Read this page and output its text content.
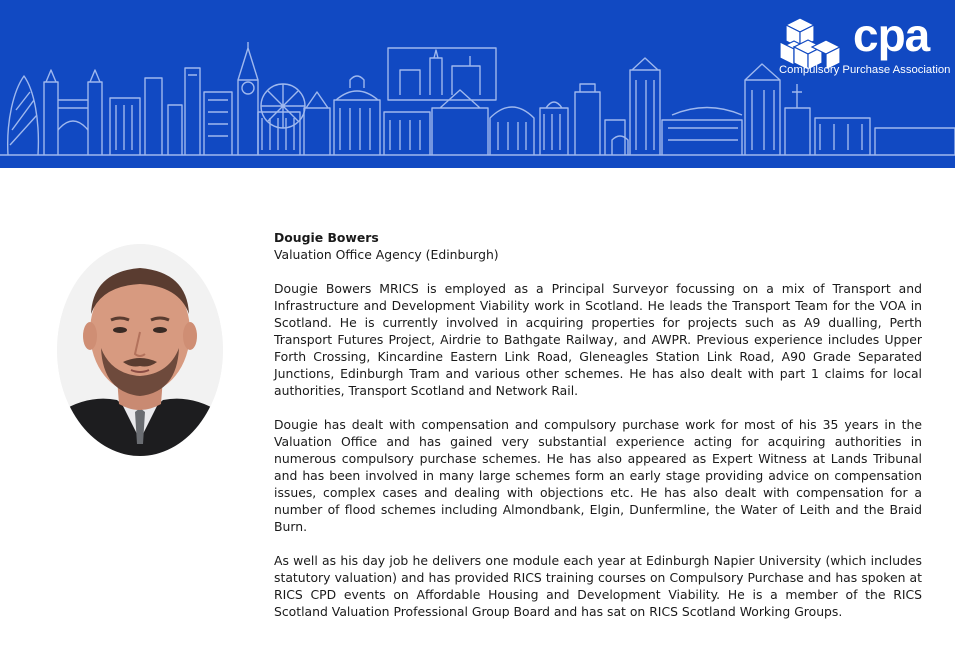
cpa
Compulsory Purchase Association
Dougie Bowers
Valuation Office Agency (Edinburgh)

Dougie Bowers MRICS is employed as a Principal Surveyor focussing on a mix of Transport and Infrastructure and Development Viability work in Scotland. He leads the Transport Team for the VOA in Scotland. He is currently involved in acquiring properties for projects such as A9 dualling, Perth Transport Futures Project, Airdrie to Bathgate Railway, and AWPR. Previous experience includes Upper Forth Crossing, Kincardine Eastern Link Road, Gleneagles Station Link Road, A90 Grade Separated Junctions, Edinburgh Tram and various other schemes. He has also dealt with part 1 claims for local authorities, Transport Scotland and Network Rail.

Dougie has dealt with compensation and compulsory purchase work for most of his 35 years in the Valuation Office and has gained very substantial experience acting for acquiring authorities in numerous compulsory purchase schemes. He has also appeared as Expert Witness at Lands Tribunal and has been involved in many large schemes form an early stage providing advice on compensation issues, complex cases and dealing with objections etc. He has also dealt with compensation for a number of flood schemes including Almondbank, Elgin, Dunfermline, the Water of Leith and the Braid Burn.

As well as his day job he delivers one module each year at Edinburgh Napier University (which includes statutory valuation) and has provided RICS training courses on Compulsory Purchase and has spoken at RICS CPD events on Affordable Housing and Development Viability. He is a member of the RICS Scotland Valuation Professional Group Board and has sat on RICS Scotland Working Groups.
